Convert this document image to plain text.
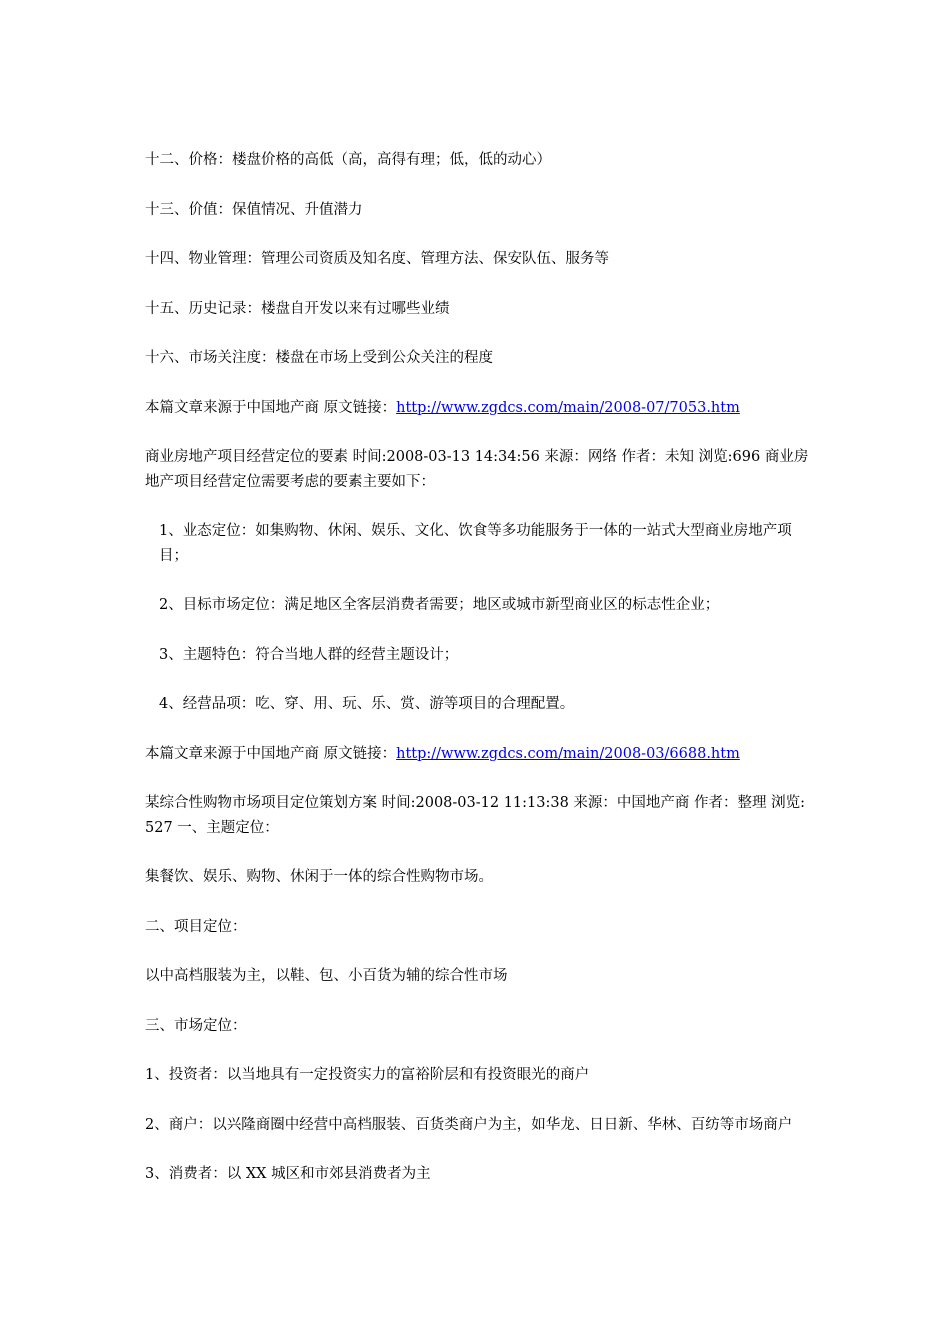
十二、价格：楼盘价格的高低（高，高得有理；低，低的动心）

十三、价值：保值情况、升值潜力

十四、物业管理：管理公司资质及知名度、管理方法、保安队伍、服务等

十五、历史记录：楼盘自开发以来有过哪些业绩

十六、市场关注度：楼盘在市场上受到公众关注的程度

本篇文章来源于中国地产商 原文链接：http://www.zgdcs.com/main/2008-07/7053.htm

商业房地产项目经营定位的要素 时间:2008-03-13 14:34:56 来源：网络 作者：未知 浏览:696 商业房地产项目经营定位需要考虑的要素主要如下：

1、业态定位：如集购物、休闲、娱乐、文化、饮食等多功能服务于一体的一站式大型商业房地产项目；

2、目标市场定位：满足地区全客层消费者需要；地区或城市新型商业区的标志性企业；

3、主题特色：符合当地人群的经营主题设计；

4、经营品项：吃、穿、用、玩、乐、赏、游等项目的合理配置。

本篇文章来源于中国地产商 原文链接：http://www.zgdcs.com/main/2008-03/6688.htm

某综合性购物市场项目定位策划方案 时间:2008-03-12 11:13:38 来源：中国地产商 作者：整理 浏览:527 一、主题定位：

集餐饮、娱乐、购物、休闲于一体的综合性购物市场。

二、项目定位：

以中高档服装为主，以鞋、包、小百货为辅的综合性市场

三、市场定位：

1、投资者：以当地具有一定投资实力的富裕阶层和有投资眼光的商户

2、商户：以兴隆商圈中经营中高档服装、百货类商户为主，如华龙、日日新、华林、百纺等市场商户

3、消费者：以 XX 城区和市郊县消费者为主
